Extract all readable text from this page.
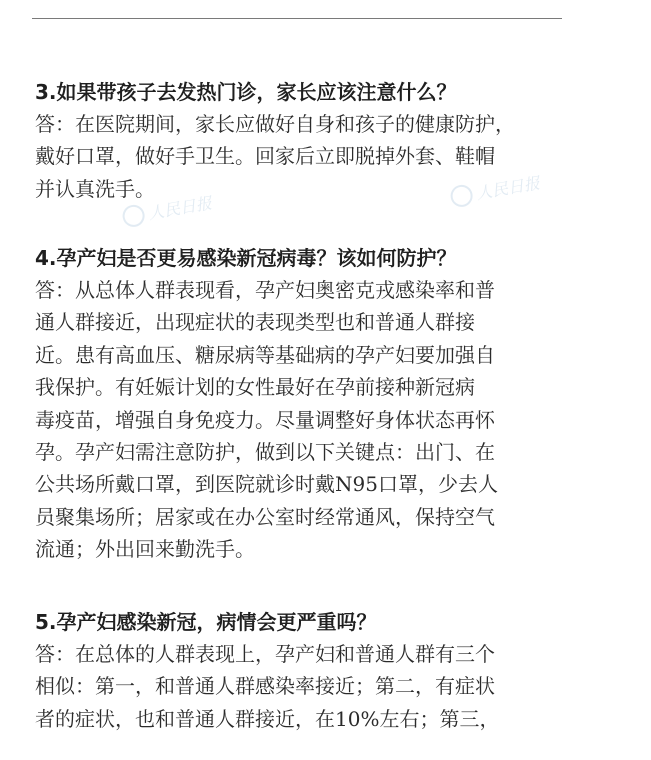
人民日报
人民日报
3.如果带孩子去发热门诊，家长应该注意什么？

答：在医院期间，家长应做好自身和孩子的健康防护，
戴好口罩，做好手卫生。回家后立即脱掉外套、鞋帽
并认真洗手。

4.孕产妇是否更易感染新冠病毒？该如何防护？

答：从总体人群表现看，孕产妇奥密克戎感染率和普
通人群接近，出现症状的表现类型也和普通人群接
近。患有高血压、糖尿病等基础病的孕产妇要加强自
我保护。有妊娠计划的女性最好在孕前接种新冠病
毒疫苗，增强自身免疫力。尽量调整好身体状态再怀
孕。孕产妇需注意防护，做到以下关键点：出门、在
公共场所戴口罩，到医院就诊时戴N95口罩，少去人
员聚集场所；居家或在办公室时经常通风，保持空气
流通；外出回来勤洗手。

5.孕产妇感染新冠，病情会更严重吗？

答：在总体的人群表现上，孕产妇和普通人群有三个
相似：第一，和普通人群感染率接近；第二，有症状
者的症状，也和普通人群接近，在10%左右；第三，
